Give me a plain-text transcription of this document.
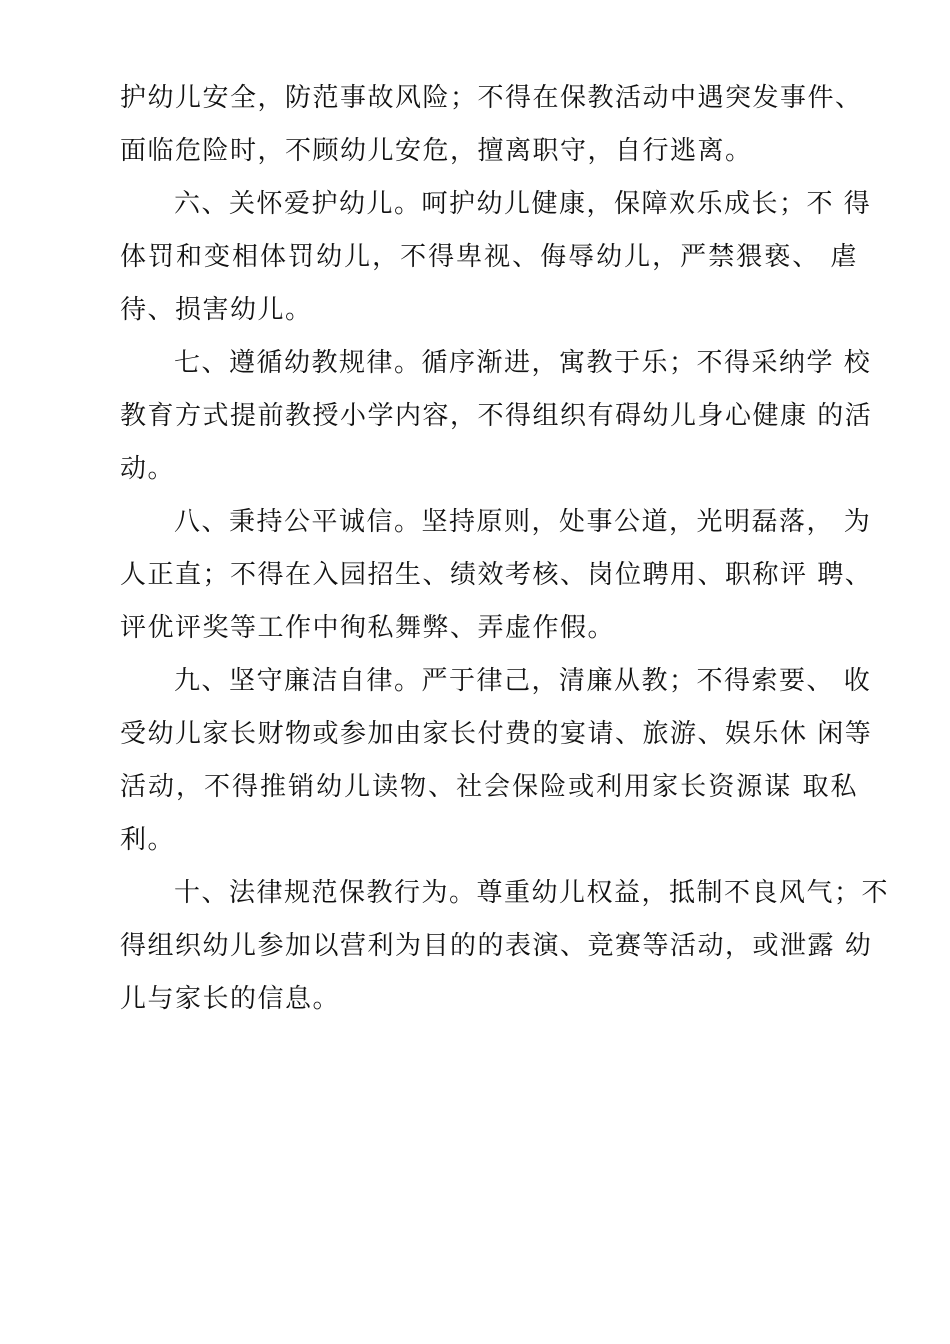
护幼儿安全，防范事故风险；不得在保教活动中遇突发事件、
面临危险时，不顾幼儿安危，擅离职守，自行逃离。
六、关怀爱护幼儿。呵护幼儿健康，保障欢乐成长；不 得
体罚和变相体罚幼儿，不得卑视、侮辱幼儿，严禁猥亵、 虐
待、损害幼儿。
七、遵循幼教规律。循序渐进，寓教于乐；不得采纳学 校
教育方式提前教授小学内容，不得组织有碍幼儿身心健康 的活
动。
八、秉持公平诚信。坚持原则，处事公道，光明磊落， 为
人正直；不得在入园招生、绩效考核、岗位聘用、职称评 聘、
评优评奖等工作中徇私舞弊、弄虚作假。
九、坚守廉洁自律。严于律己，清廉从教；不得索要、 收
受幼儿家长财物或参加由家长付费的宴请、旅游、娱乐休 闲等
活动，不得推销幼儿读物、社会保险或利用家长资源谋 取私
利。
十、法律规范保教行为。尊重幼儿权益，抵制不良风气；不
得组织幼儿参加以营利为目的的表演、竞赛等活动，或泄露 幼
儿与家长的信息。
